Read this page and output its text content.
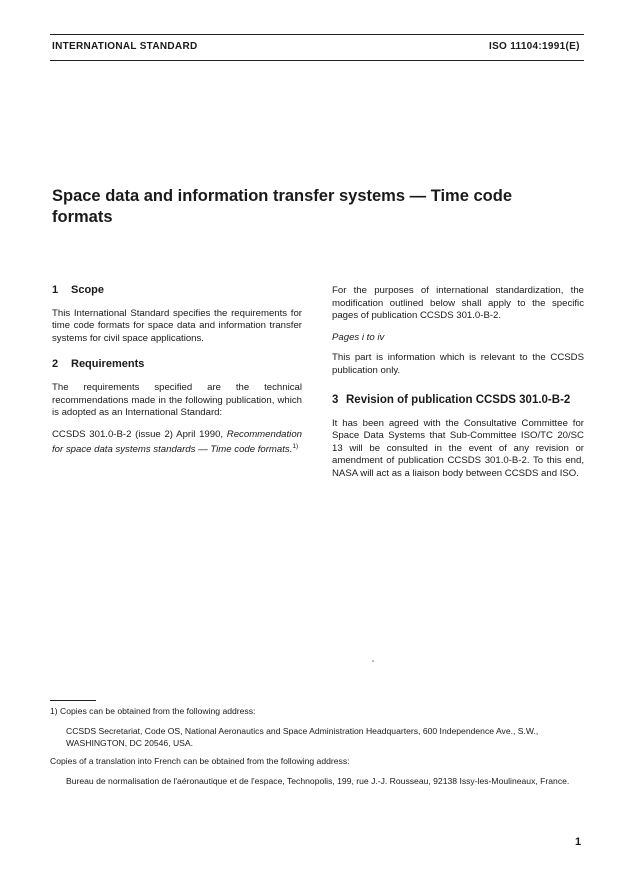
INTERNATIONAL STANDARD	ISO 11104:1991(E)
Space data and information transfer systems — Time code formats
1 Scope

This International Standard specifies the requirements for time code formats for space data and information transfer systems for civil space applications.

2 Requirements

The requirements specified are the technical recommendations made in the following publication, which is adopted as an International Standard:

CCSDS 301.0-B-2 (issue 2) April 1990, Recommendation for space data systems standards — Time code formats.$^{1)}$

For the purposes of international standardization, the modification outlined below shall apply to the specific pages of publication CCSDS 301.0-B-2.

Pages i to iv

This part is information which is relevant to the CCSDS publication only.

3 Revision of publication CCSDS 301.0-B-2

It has been agreed with the Consultative Committee for Space Data Systems that Sub-Committee ISO/TC 20/SC 13 will be consulted in the event of any revision or amendment of publication CCSDS 301.0-B-2. To this end, NASA will act as a liaison body between CCSDS and ISO.

1) Copies can be obtained from the following address:
CCSDS Secretariat, Code OS, National Aeronautics and Space Administration Headquarters, 600 Independence Ave., S.W., WASHINGTON, DC 20546, USA.
Copies of a translation into French can be obtained from the following address:
Bureau de normalisation de l'aéronautique et de l'espace, Technopolis, 199, rue J.-J. Rousseau, 92138 Issy-les-Moulineaux, France.
1
